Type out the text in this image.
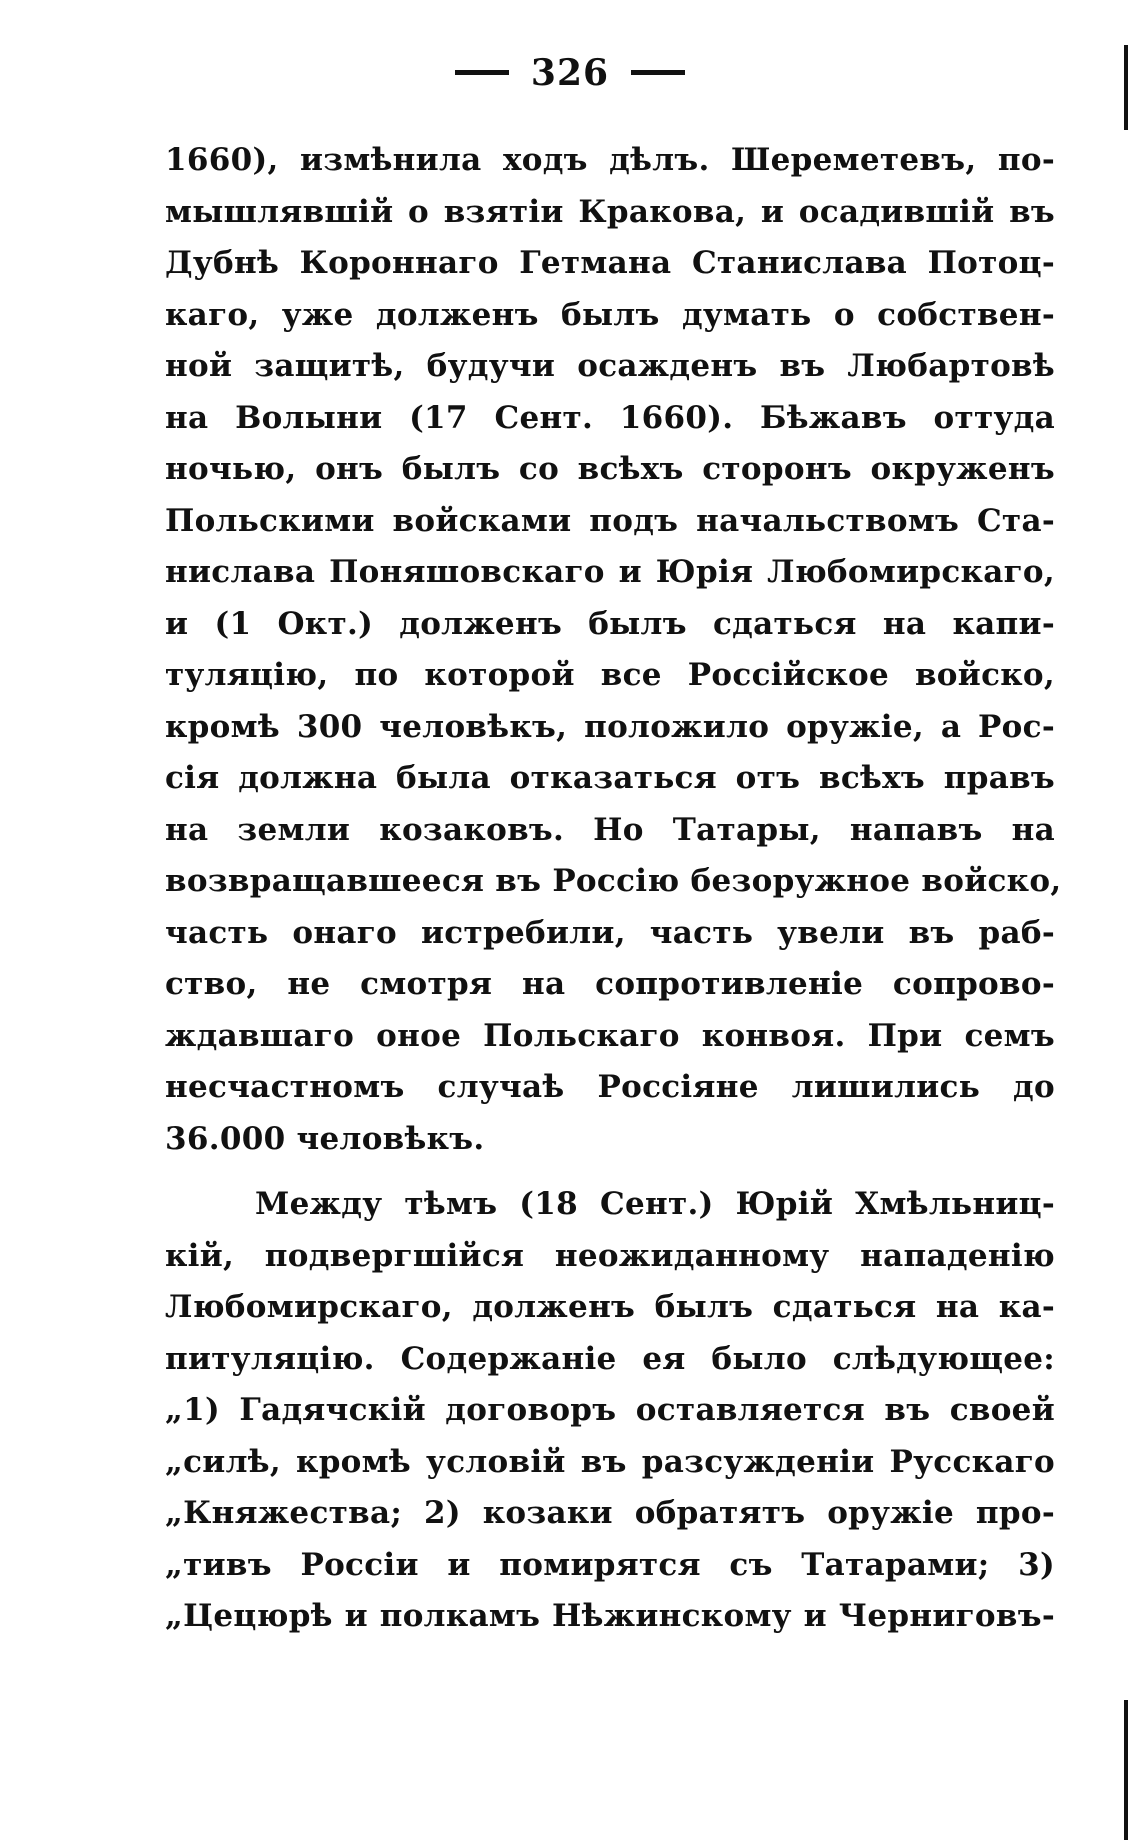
326
1660), измѣнила ходъ дѣлъ. Шереметевъ, по-
мышлявшій о взятіи Кракова, и осадившій въ
Дубнѣ Короннаго Гетмана Станислава Потоц-
каго, уже долженъ былъ думать о собствен-
ной защитѣ, будучи осажденъ въ Любартовѣ
на Волыни (17 Сент. 1660). Бѣжавъ оттуда
ночью, онъ былъ со всѣхъ сторонъ окруженъ
Польскими войсками подъ начальствомъ Ста-
нислава Поняшовскаго и Юрія Любомирскаго,
и (1 Окт.) долженъ былъ сдаться на капи-
туляцію, по которой все Россійское войско,
кромѣ 300 человѣкъ, положило оружіе, а Рос-
сія должна была отказаться отъ всѣхъ правъ
на земли козаковъ. Но Татары, напавъ на
возвращавшееся въ Россію безоружное войско,
часть онаго истребили, часть увели въ раб-
ство, не смотря на сопротивленіе сопрово-
ждавшаго оное Польскаго конвоя. При семъ
несчастномъ случаѣ Россіяне лишились до
36.000 человѣкъ.
Между тѣмъ (18 Сент.) Юрій Хмѣльниц-
кій, подвергшійся неожиданному нападенію
Любомирскаго, долженъ былъ сдаться на ка-
питуляцію. Содержаніе ея было слѣдующее:
„1) Гадячскій договоръ оставляется въ своей
„силѣ, кромѣ условій въ разсужденіи Русскаго
„Княжества; 2) козаки обратятъ оружіе про-
„тивъ Россіи и помирятся съ Татарами; 3)
„Цецюрѣ и полкамъ Нѣжинскому и Черниговъ-
